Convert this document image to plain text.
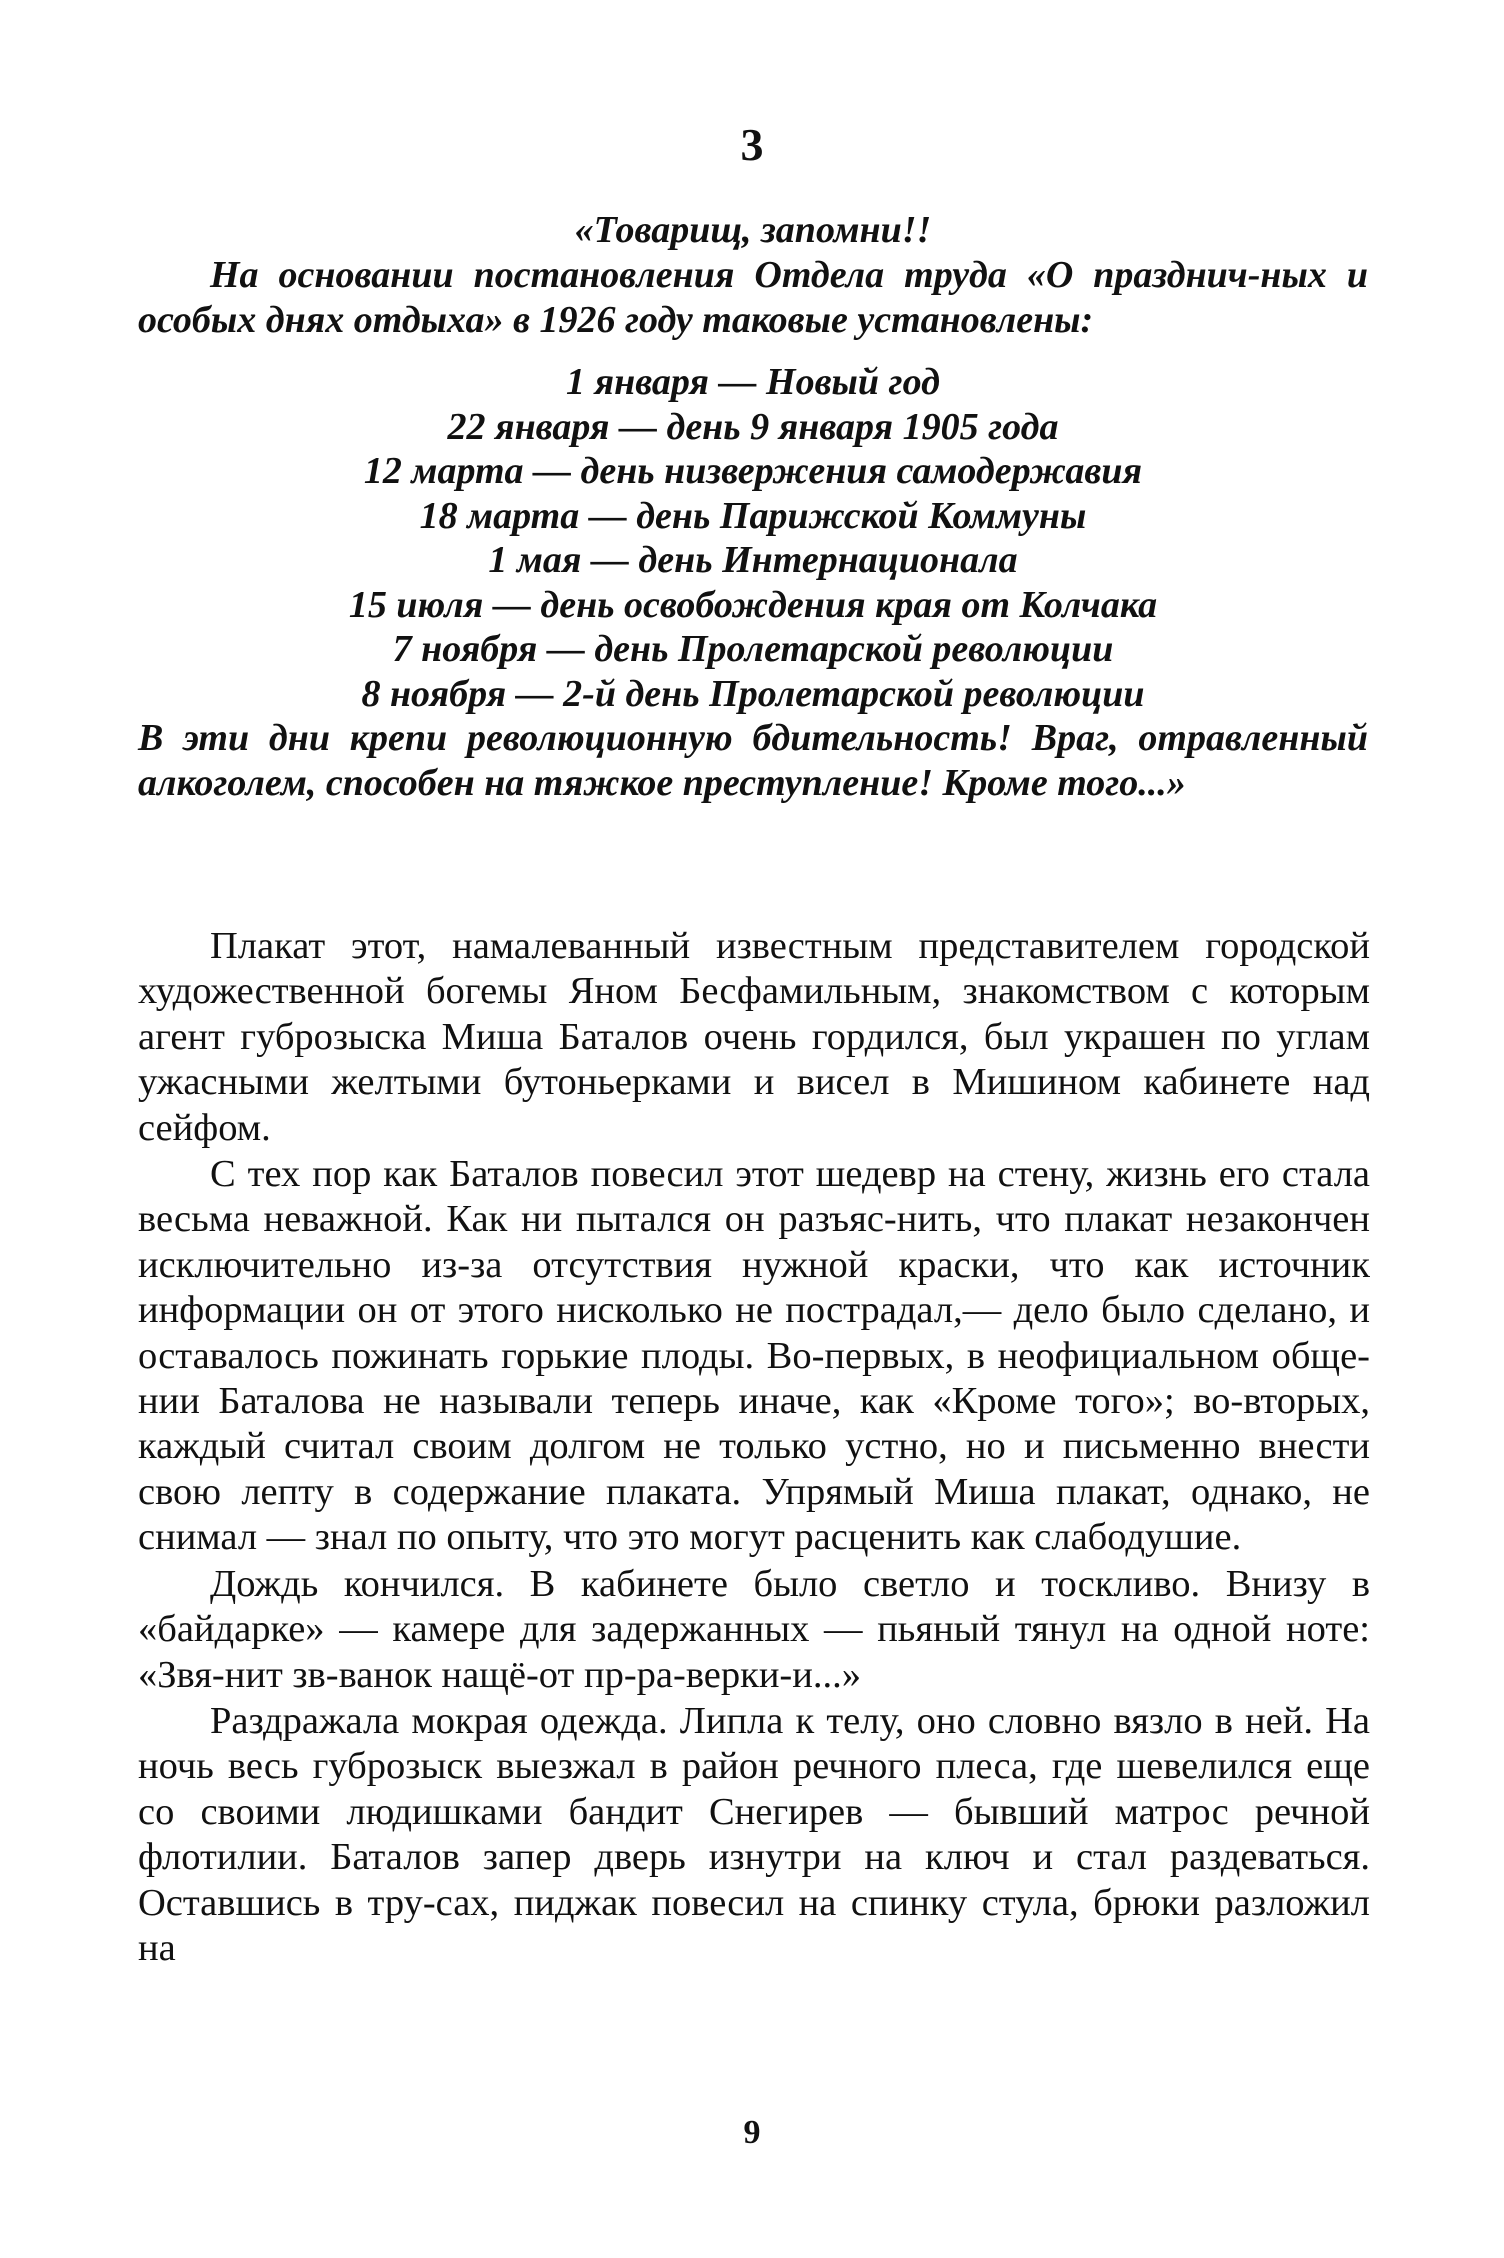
3

«Товарищ, запомни!!

На основании постановления Отдела труда «О празднич-ных и особых днях отдыха» в 1926 году таковые установлены:

1 января — Новый год
22 января — день 9 января 1905 года
12 марта — день низвержения самодержавия
18 марта — день Парижской Коммуны
1 мая — день Интернационала
15 июля — день освобождения края от Колчака
7 ноября — день Пролетарской революции
8 ноября — 2-й день Пролетарской революции

В эти дни крепи революционную бдительность! Враг, отравленный алкоголем, способен на тяжкое преступление! Кроме того...»

Плакат этот, намалеванный известным представителем городской художественной богемы Яном Бесфамильным, знакомством с которым агент губрозыска Миша Баталов очень гордился, был украшен по углам ужасными желтыми бутоньерками и висел в Мишином кабинете над сейфом.

С тех пор как Баталов повесил этот шедевр на стену, жизнь его стала весьма неважной. Как ни пытался он разъяс-нить, что плакат незакончен исключительно из-за отсутствия нужной краски, что как источник информации он от этого нисколько не пострадал,— дело было сделано, и оставалось пожинать горькие плоды. Во-первых, в неофициальном обще-нии Баталова не называли теперь иначе, как «Кроме того»; во-вторых, каждый считал своим долгом не только устно, но и письменно внести свою лепту в содержание плаката. Упрямый Миша плакат, однако, не снимал — знал по опыту, что это могут расценить как слабодушие.

Дождь кончился. В кабинете было светло и тоскливо. Внизу в «байдарке» — камере для задержанных — пьяный тянул на одной ноте: «Звя-нит зв-ванок нащё-от пр-ра-верки-и...»

Раздражала мокрая одежда. Липла к телу, оно словно вязло в ней. На ночь весь губрозыск выезжал в район речного плеса, где шевелился еще со своими людишками бандит Снегирев — бывший матрос речной флотилии. Баталов запер дверь изнутри на ключ и стал раздеваться. Оставшись в тру-сах, пиджак повесил на спинку стула, брюки разложил на

9
